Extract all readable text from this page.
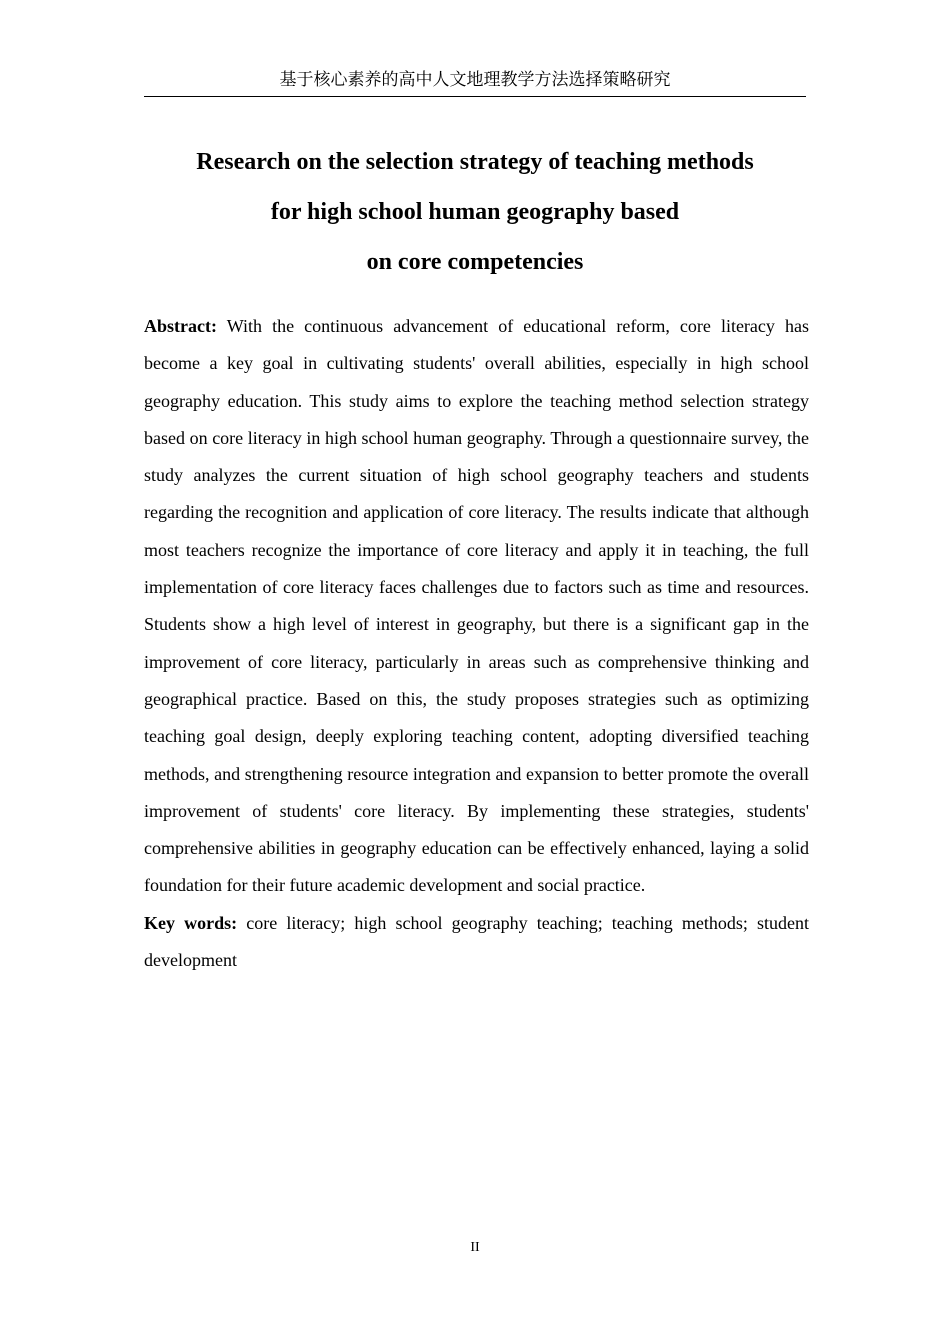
基于核心素养的高中人文地理教学方法选择策略研究
Research on the selection strategy of teaching methods
for high school human geography based
on core competencies

Abstract: With the continuous advancement of educational reform, core literacy has become a key goal in cultivating students' overall abilities, especially in high school geography education. This study aims to explore the teaching method selection strategy based on core literacy in high school human geography. Through a questionnaire survey, the study analyzes the current situation of high school geography teachers and students regarding the recognition and application of core literacy. The results indicate that although most teachers recognize the importance of core literacy and apply it in teaching, the full implementation of core literacy faces challenges due to factors such as time and resources. Students show a high level of interest in geography, but there is a significant gap in the improvement of core literacy, particularly in areas such as comprehensive thinking and geographical practice. Based on this, the study proposes strategies such as optimizing teaching goal design, deeply exploring teaching content, adopting diversified teaching methods, and strengthening resource integration and expansion to better promote the overall improvement of students' core literacy. By implementing these strategies, students' comprehensive abilities in geography education can be effectively enhanced, laying a solid foundation for their future academic development and social practice.

Key words: core literacy; high school geography teaching; teaching methods; student development

II
